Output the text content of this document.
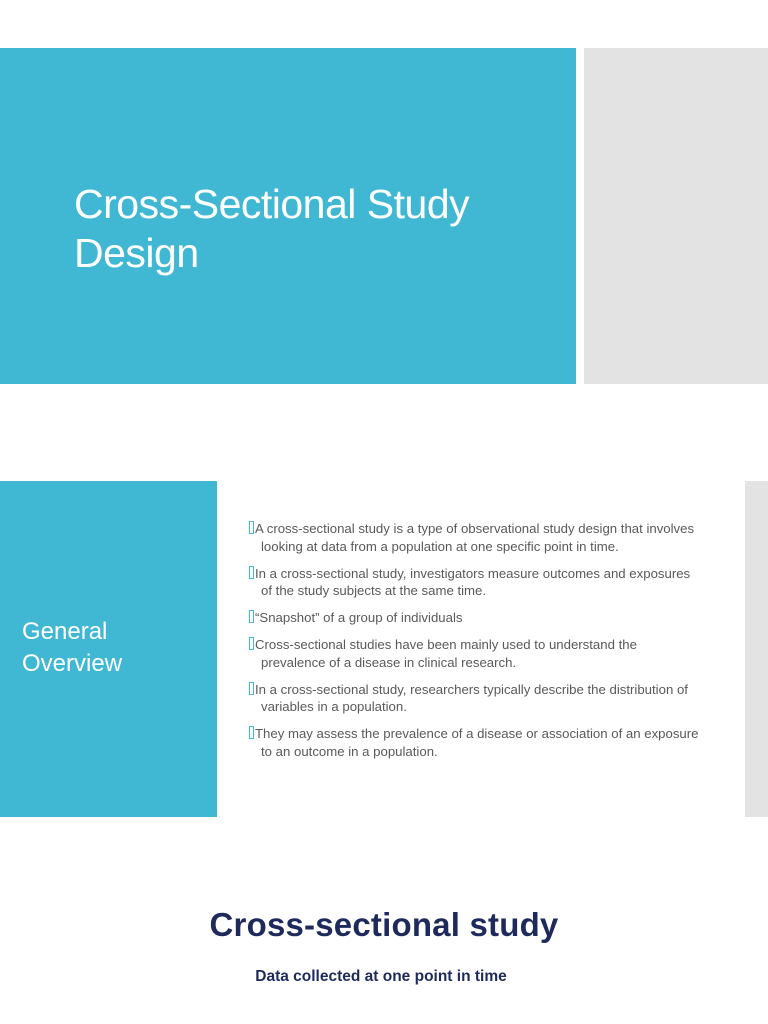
Cross-Sectional Study Design
General Overview
A cross-sectional study is a type of observational study design that involves looking at data from a population at one specific point in time.
In a cross-sectional study, investigators measure outcomes and exposures of the study subjects at the same time.
“Snapshot” of a group of individuals
Cross-sectional studies have been mainly used to understand the prevalence of a disease in clinical research.
In a cross-sectional study, researchers typically describe the distribution of variables in a population.
They may assess the prevalence of a disease or association of an exposure to an outcome in a population.
Cross-sectional study
Data collected at one point in time
